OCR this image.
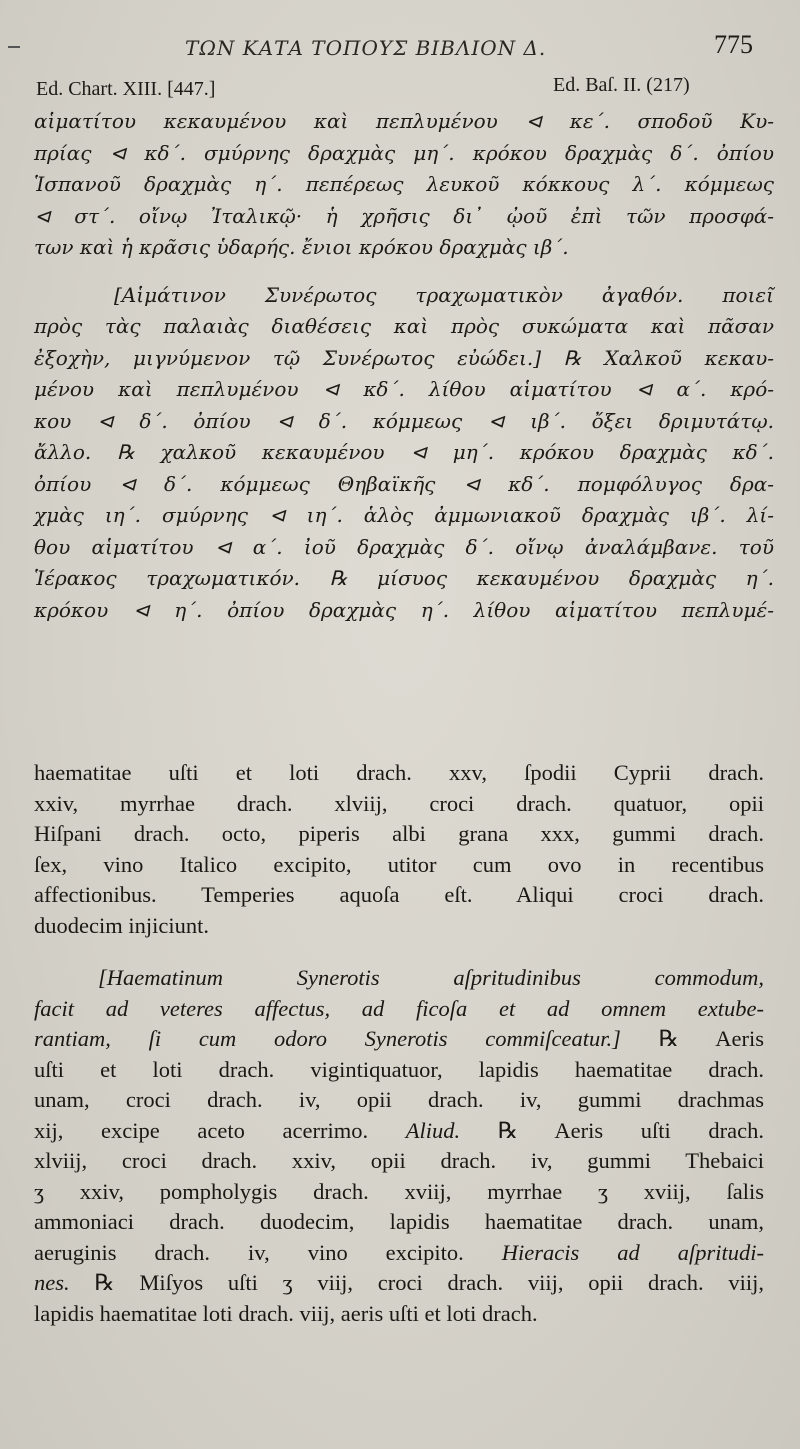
ΤΩΝ ΚΑΤΑ ΤΟΠΟΥΣ ΒΙΒΛΙΟΝ Δ.	775
Ed. Chart. XIII. [447.]	Ed. Baſ. II. (217)

αἱματίτου κεκαυμένου καὶ πεπλυμένου ⊲ κε΄. σποδοῦ Κυ-

πρίας ⊲ κδ΄. σμύρνης δραχμὰς μη΄. κρόκου δραχμὰς δ΄. ὀπίου

Ἱσπανοῦ δραχμὰς η΄. πεπέρεως λευκοῦ κόκκους λ΄. κόμμεως

⊲ στ΄. οἴνῳ Ἰταλικῷ· ἡ χρῆσις δι᾽ ᾠοῦ ἐπὶ τῶν προσφά-

των καὶ ἡ κρᾶσις ὑδαρής. ἔνιοι κρόκου δραχμὰς ιβ΄.

[Αἱμάτινον Συνέρωτος τραχωματικὸν ἀγαθόν. ποιεῖ

πρὸς τὰς παλαιὰς διαθέσεις καὶ πρὸς συκώματα καὶ πᾶσαν

ἐξοχὴν, μιγνύμενον τῷ Συνέρωτος εὐώδει.] ℞ Χαλκοῦ κεκαυ-

μένου καὶ πεπλυμένου ⊲ κδ΄. λίθου αἱματίτου ⊲ α΄. κρό-

κου ⊲ δ΄. ὀπίου ⊲ δ΄. κόμμεως ⊲ ιβ΄. ὄξει δριμυτάτῳ.

ἄλλο. ℞ χαλκοῦ κεκαυμένου ⊲ μη΄. κρόκου δραχμὰς κδ΄.

ὀπίου ⊲ δ΄. κόμμεως Θηβαϊκῆς ⊲ κδ΄. πομφόλυγος δρα-

χμὰς ιη΄. σμύρνης ⊲ ιη΄. ἁλὸς ἀμμωνιακοῦ δραχμὰς ιβ΄. λί-

θου αἱματίτου ⊲ α΄. ἰοῦ δραχμὰς δ΄. οἴνῳ ἀναλάμβανε. τοῦ

Ἱέρακος τραχωματικόν. ℞ μίσυος κεκαυμένου δραχμὰς η΄.

κρόκου ⊲ η΄. ὀπίου δραχμὰς η΄. λίθου αἱματίτου πεπλυμέ-

haematitae uſti et loti drach. xxv, ſpodii Cyprii drach.

xxiv, myrrhae drach. xlviij, croci drach. quatuor, opii

Hiſpani drach. octo, piperis albi grana xxx, gummi drach.

ſex, vino Italico excipito, utitor cum ovo in recentibus

affectionibus. Temperies aquoſa eſt. Aliqui croci drach.

duodecim injiciunt.

[Haematinum Synerotis aſpritudinibus commodum,

facit ad veteres affectus, ad ficoſa et ad omnem extube-

rantiam, ſi cum odoro Synerotis commiſceatur.] ℞ Aeris

uſti et loti drach. vigintiquatuor, lapidis haematitae drach.

unam, croci drach. iv, opii drach. iv, gummi drachmas

xij, excipe aceto acerrimo. Aliud. ℞ Aeris uſti drach.

xlviij, croci drach. xxiv, opii drach. iv, gummi Thebaici

ʒ xxiv, pompholygis drach. xviij, myrrhae ʒ xviij, ſalis

ammoniaci drach. duodecim, lapidis haematitae drach. unam,

aeruginis drach. iv, vino excipito. Hieracis ad aſpritudi-

nes. ℞ Miſyos uſti ʒ viij, croci drach. viij, opii drach. viij,

lapidis haematitae loti drach. viij, aeris uſti et loti drach.
